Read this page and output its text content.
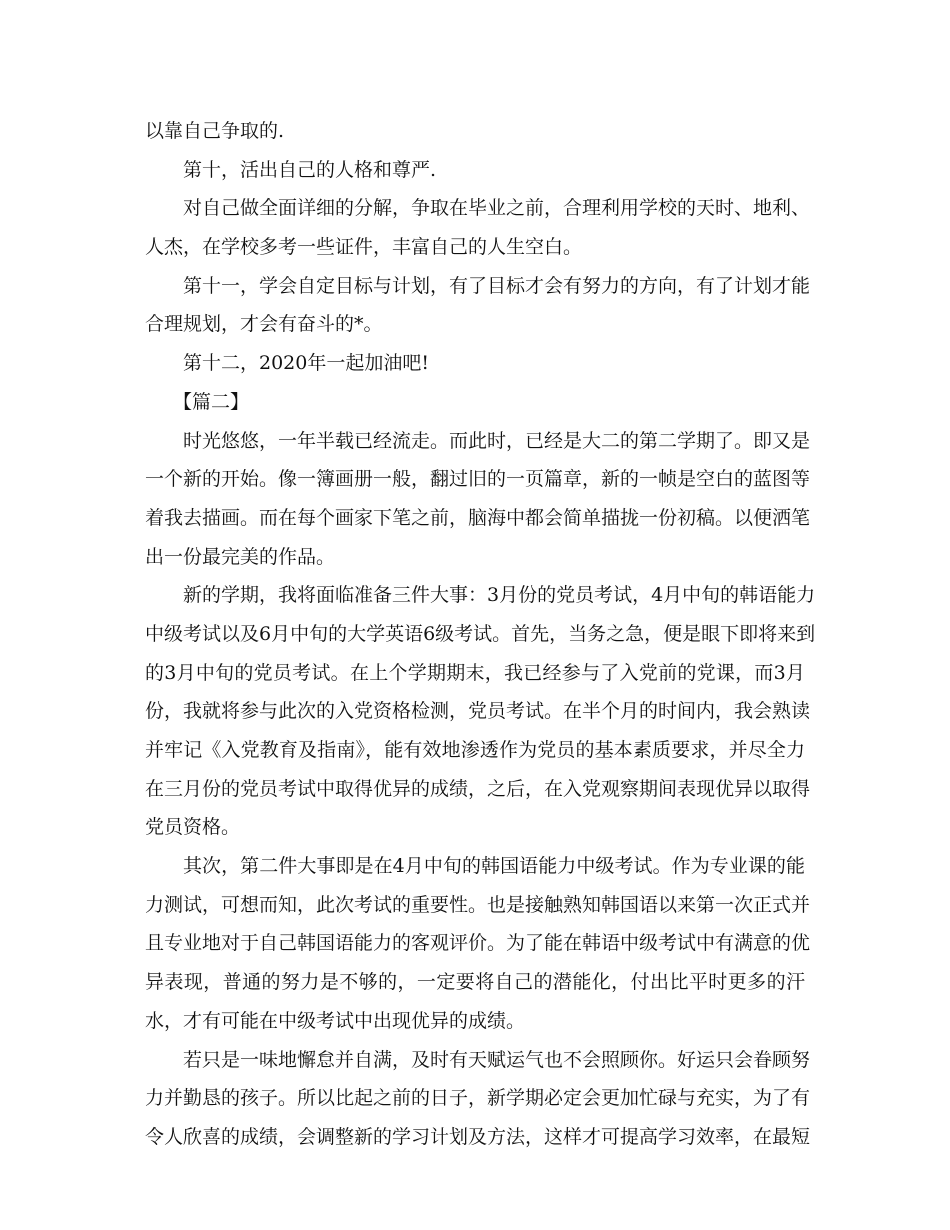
以靠自己争取的.
第十，活出自己的人格和尊严.
对自己做全面详细的分解，争取在毕业之前，合理利用学校的天时、地利、
人杰，在学校多考一些证件，丰富自己的人生空白。
第十一，学会自定目标与计划，有了目标才会有努力的方向，有了计划才能
合理规划，才会有奋斗的*。
第十二，2020年一起加油吧!
【篇二】
时光悠悠，一年半载已经流走。而此时，已经是大二的第二学期了。即又是
一个新的开始。像一簿画册一般，翻过旧的一页篇章，新的一帧是空白的蓝图等
着我去描画。而在每个画家下笔之前，脑海中都会简单描拢一份初稿。以便洒笔
出一份最完美的作品。
新的学期，我将面临准备三件大事：3月份的党员考试，4月中旬的韩语能力
中级考试以及6月中旬的大学英语6级考试。首先，当务之急，便是眼下即将来到
的3月中旬的党员考试。在上个学期期末，我已经参与了入党前的党课，而3月
份，我就将参与此次的入党资格检测，党员考试。在半个月的时间内，我会熟读
并牢记《入党教育及指南》，能有效地渗透作为党员的基本素质要求，并尽全力
在三月份的党员考试中取得优异的成绩，之后，在入党观察期间表现优异以取得
党员资格。
其次，第二件大事即是在4月中旬的韩国语能力中级考试。作为专业课的能
力测试，可想而知，此次考试的重要性。也是接触熟知韩国语以来第一次正式并
且专业地对于自己韩国语能力的客观评价。为了能在韩语中级考试中有满意的优
异表现，普通的努力是不够的，一定要将自己的潜能化，付出比平时更多的汗
水，才有可能在中级考试中出现优异的成绩。
若只是一味地懈怠并自满，及时有天赋运气也不会照顾你。好运只会眷顾努
力并勤恳的孩子。所以比起之前的日子，新学期必定会更加忙碌与充实，为了有
令人欣喜的成绩，会调整新的学习计划及方法，这样才可提高学习效率，在最短
